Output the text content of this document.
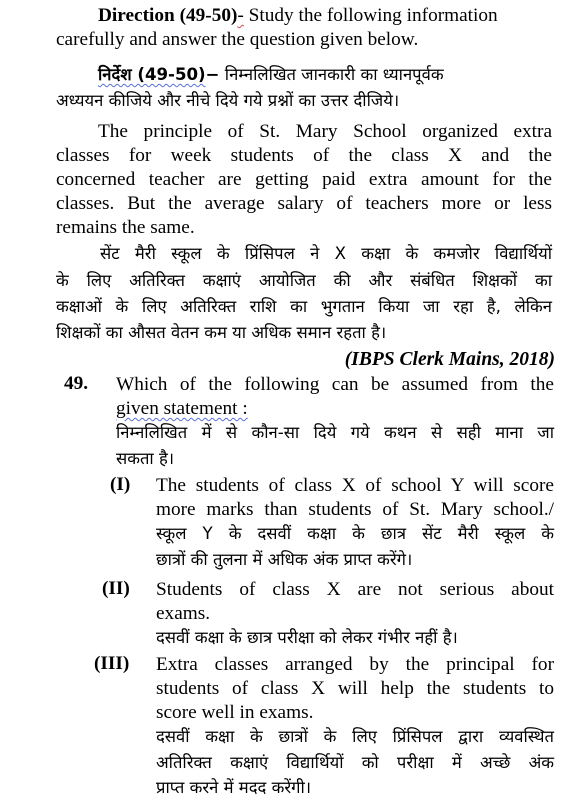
Direction (49-50)- Study the following information
carefully and answer the question given below.
निर्देश (49-50)− निम्नलिखित जानकारी का ध्यानपूर्वक
अध्ययन कीजिये और नीचे दिये गये प्रश्नों का उत्तर दीजिये।
The principle of St. Mary School organized extra
classes for week students of the class X and the
concerned teacher are getting paid extra amount for the
classes. But the average salary of teachers more or less
remains the same.
सेंट मैरी स्कूल के प्रिंसिपल ने X कक्षा के कमजोर विद्यार्थियों
के लिए अतिरिक्त कक्षाएं आयोजित की और संबंधित शिक्षकों का
कक्षाओं के लिए अतिरिक्त राशि का भुगतान किया जा रहा है, लेकिन
शिक्षकों का औसत वेतन कम या अधिक समान रहता है।
(IBPS Clerk Mains, 2018)
49. Which of the following can be assumed from the
given statement :
निम्नलिखित में से कौन-सा दिये गये कथन से सही माना जा
सकता है।
(I) The students of class X of school Y will score
more marks than students of St. Mary school./
स्कूल Y के दसवीं कक्षा के छात्र सेंट मैरी स्कूल के
छात्रों की तुलना में अधिक अंक प्राप्त करेंगे।
(II) Students of class X are not serious about
exams.
दसवीं कक्षा के छात्र परीक्षा को लेकर गंभीर नहीं है।
(III) Extra classes arranged by the principal for
students of class X will help the students to
score well in exams.
दसवीं कक्षा के छात्रों के लिए प्रिंसिपल द्वारा व्यवस्थित
अतिरिक्त कक्षाएं विद्यार्थियों को परीक्षा में अच्छे अंक
प्राप्त करने में मदद करेंगी।
